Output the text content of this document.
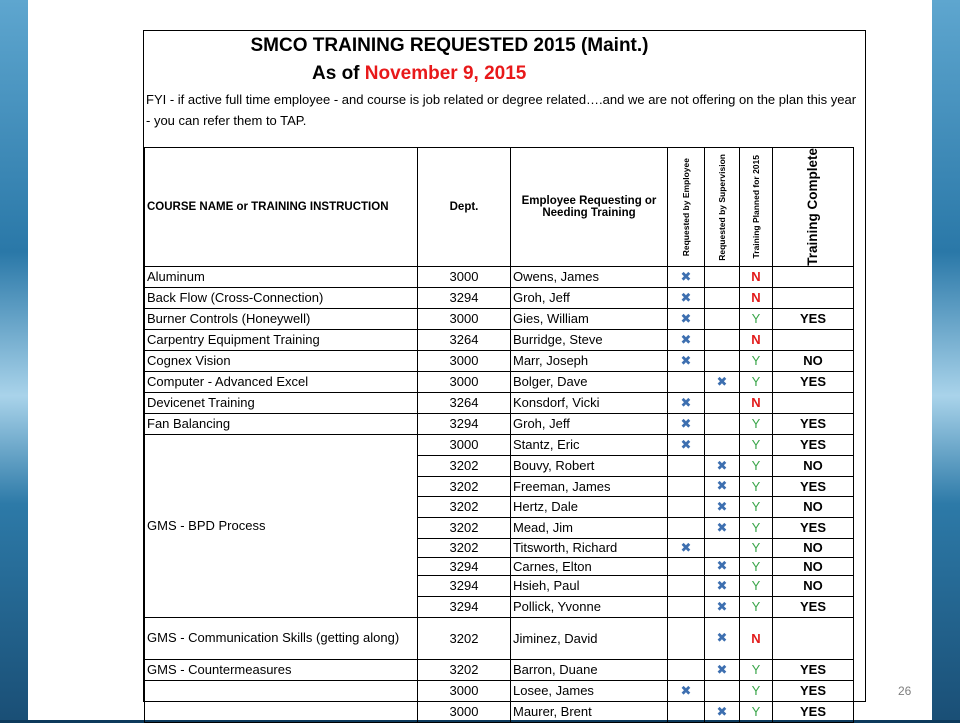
SMCO TRAINING REQUESTED 2015 (Maint.)
As of November 9, 2015
FYI - if active full time employee - and course is job related or degree related….and we are not offering on the plan this year - you can refer them to TAP.
COURSE NAME or TRAINING INSTRUCTION	Dept.	Employee Requesting or Needing Training	Requested by Employee	Requested by Supervision	Training Planned for 2015	Training Complete

Aluminum	3000	Owens, James	✖		N	
Back Flow (Cross-Connection)	3294	Groh, Jeff	✖		N	
Burner Controls (Honeywell)	3000	Gies, William	✖		Y	YES
Carpentry Equipment Training	3264	Burridge, Steve	✖		N	
Cognex Vision	3000	Marr, Joseph	✖		Y	NO
Computer - Advanced Excel	3000	Bolger, Dave		✖	Y	YES
Devicenet Training	3264	Konsdorf, Vicki	✖		N	
Fan Balancing	3294	Groh, Jeff	✖		Y	YES
GMS - BPD Process	3000	Stantz, Eric	✖		Y	YES
	3202	Bouvy, Robert		✖	Y	NO
	3202	Freeman, James		✖	Y	YES
	3202	Hertz, Dale		✖	Y	NO
	3202	Mead, Jim		✖	Y	YES
	3202	Titsworth, Richard	✖		Y	NO
	3294	Carnes, Elton		✖	Y	NO
	3294	Hsieh, Paul		✖	Y	NO
	3294	Pollick, Yvonne		✖	Y	YES
GMS - Communication Skills (getting along)	3202	Jiminez, David		✖	N	
GMS - Countermeasures	3202	Barron, Duane		✖	Y	YES
	3000	Losee, James	✖		Y	YES
	3000	Maurer, Brent		✖	Y	YES
26
